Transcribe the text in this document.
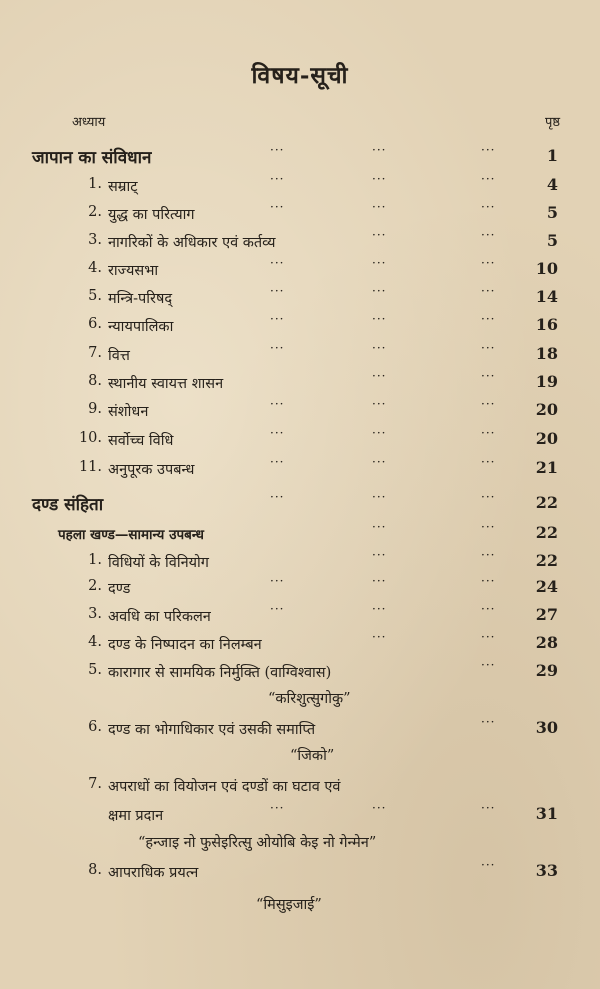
विषय-सूची
अध्याय	पृष्ठ
जापान का संविधान	···	···	···	1
1. सम्राट्	···	···	···	4
2. युद्ध का परित्याग	···	···	···	5
3. नागरिकों के अधिकार एवं कर्तव्य	···	···	5
4. राज्यसभा	···	···	···	10
5. मन्त्रि-परिषद्	···	···	···	14
6. न्यायपालिका	···	···	···	16
7. वित्त	···	···	···	18
8. स्थानीय स्वायत्त शासन	···	···	19
9. संशोधन	···	···	···	20
10. सर्वोच्च विधि	···	···	···	20
11. अनुपूरक उपबन्ध	···	···	···	21
दण्ड संहिता	···	···	···	22
पहला खण्ड—सामान्य उपबन्ध	···	···	22
1. विधियों के विनियोग	···	···	22
2. दण्ड	···	···	···	24
3. अवधि का परिकलन	···	···	···	27
4. दण्ड के निष्पादन का निलम्बन	···	···	28
5. कारागार से सामयिक निर्मुक्ति (वाग्विश्वास)	···	29
“करिशुत्सुगोकु”
6. दण्ड का भोगाधिकार एवं उसकी समाप्ति	···	30
“जिको”
7. अपराधों का वियोजन एवं दण्डों का घटाव एवं
क्षमा प्रदान	···	···	···	31
“हन्जाइ नो फुसेइरित्सु ओयोबि केइ नो गेन्मेन”
8. आपराधिक प्रयत्न	···	33
“मिसुइजाई”
